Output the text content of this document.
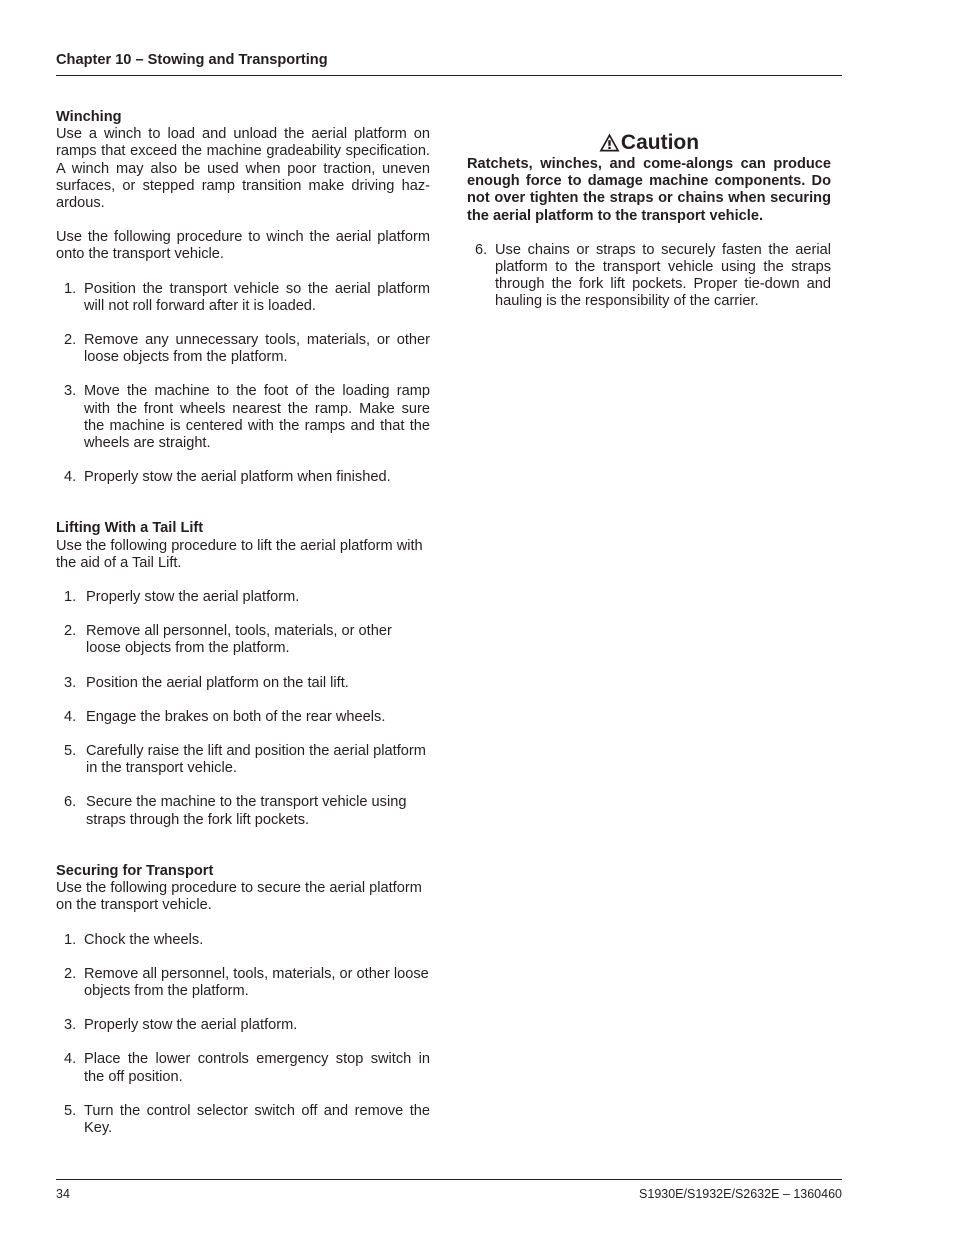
Chapter 10 – Stowing and Transporting
Winching

Use a winch to load and unload the aerial platform on ramps that exceed the machine gradeability specification. A winch may also be used when poor traction, uneven surfaces, or stepped ramp transition make driving haz-ardous.

Use the following procedure to winch the aerial platform onto the transport vehicle.

1. Position the transport vehicle so the aerial platform will not roll forward after it is loaded.
2. Remove any unnecessary tools, materials, or other loose objects from the platform.
3. Move the machine to the foot of the loading ramp with the front wheels nearest the ramp. Make sure the machine is centered with the ramps and that the wheels are straight.
4. Properly stow the aerial platform when finished.
Lifting With a Tail Lift

Use the following procedure to lift the aerial platform with the aid of a Tail Lift.

1. Properly stow the aerial platform.
2. Remove all personnel, tools, materials, or other loose objects from the platform.
3. Position the aerial platform on the tail lift.
4. Engage the brakes on both of the rear wheels.
5. Carefully raise the lift and position the aerial platform in the transport vehicle.
6. Secure the machine to the transport vehicle using straps through the fork lift pockets.
Securing for Transport

Use the following procedure to secure the aerial platform on the transport vehicle.

1. Chock the wheels.
2. Remove all personnel, tools, materials, or other loose objects from the platform.
3. Properly stow the aerial platform.
4. Place the lower controls emergency stop switch in the off position.
5. Turn the control selector switch off and remove the Key.
Caution

Ratchets, winches, and come-alongs can produce enough force to damage machine components. Do not over tighten the straps or chains when securing the aerial platform to the transport vehicle.

6. Use chains or straps to securely fasten the aerial platform to the transport vehicle using the straps through the fork lift pockets. Proper tie-down and hauling is the responsibility of the carrier.
34	S1930E/S1932E/S2632E – 1360460
